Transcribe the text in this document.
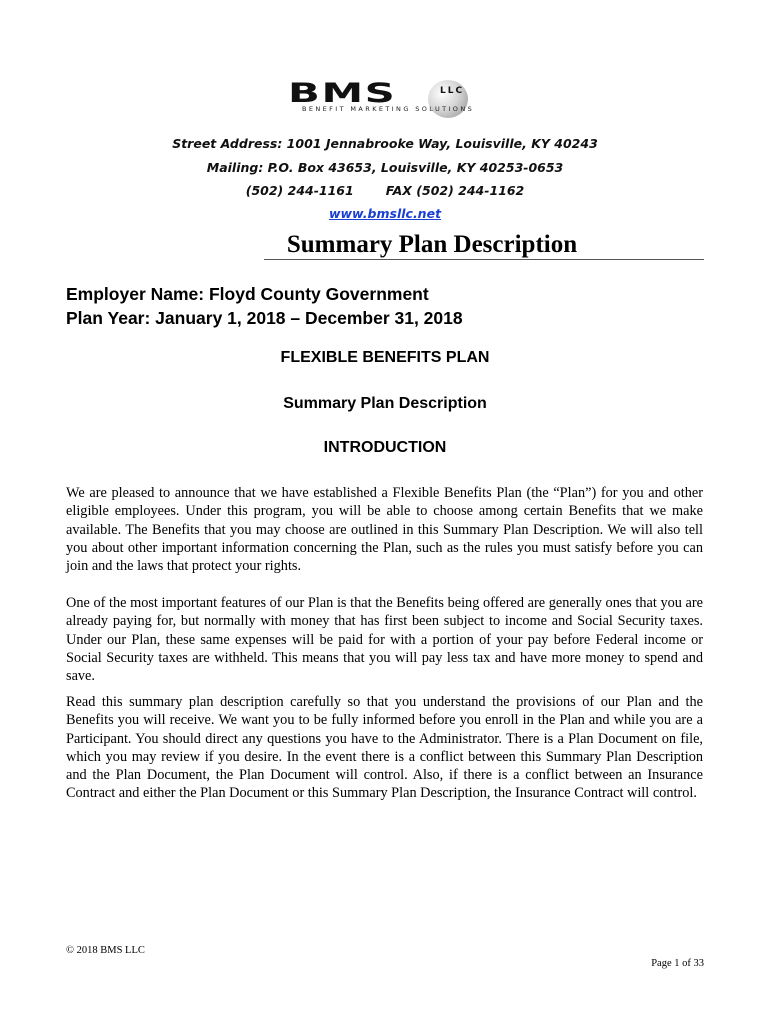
BMS	LLC
BENEFIT MARKETING SOLUTIONS
Street Address: 1001 Jennabrooke Way, Louisville, KY 40243
Mailing: P.O. Box 43653, Louisville, KY 40253-0653
(502) 244-1161	FAX (502) 244-1162
www.bmsllc.net
Summary Plan Description
Employer Name: Floyd County Government
Plan Year: January 1, 2018 – December 31, 2018
FLEXIBLE BENEFITS PLAN
Summary Plan Description
INTRODUCTION
We are pleased to announce that we have established a Flexible Benefits Plan (the “Plan”) for you and other eligible employees. Under this program, you will be able to choose among certain Benefits that we make available. The Benefits that you may choose are outlined in this Summary Plan Description. We will also tell you about other important information concerning the Plan, such as the rules you must satisfy before you can join and the laws that protect your rights.
One of the most important features of our Plan is that the Benefits being offered are generally ones that you are already paying for, but normally with money that has first been subject to income and Social Security taxes. Under our Plan, these same expenses will be paid for with a portion of your pay before Federal income or Social Security taxes are withheld. This means that you will pay less tax and have more money to spend and save.
Read this summary plan description carefully so that you understand the provisions of our Plan and the Benefits you will receive. We want you to be fully informed before you enroll in the Plan and while you are a Participant. You should direct any questions you have to the Administrator. There is a Plan Document on file, which you may review if you desire. In the event there is a conflict between this Summary Plan Description and the Plan Document, the Plan Document will control. Also, if there is a conflict between an Insurance Contract and either the Plan Document or this Summary Plan Description, the Insurance Contract will control.
© 2018 BMS LLC
Page 1 of 33
